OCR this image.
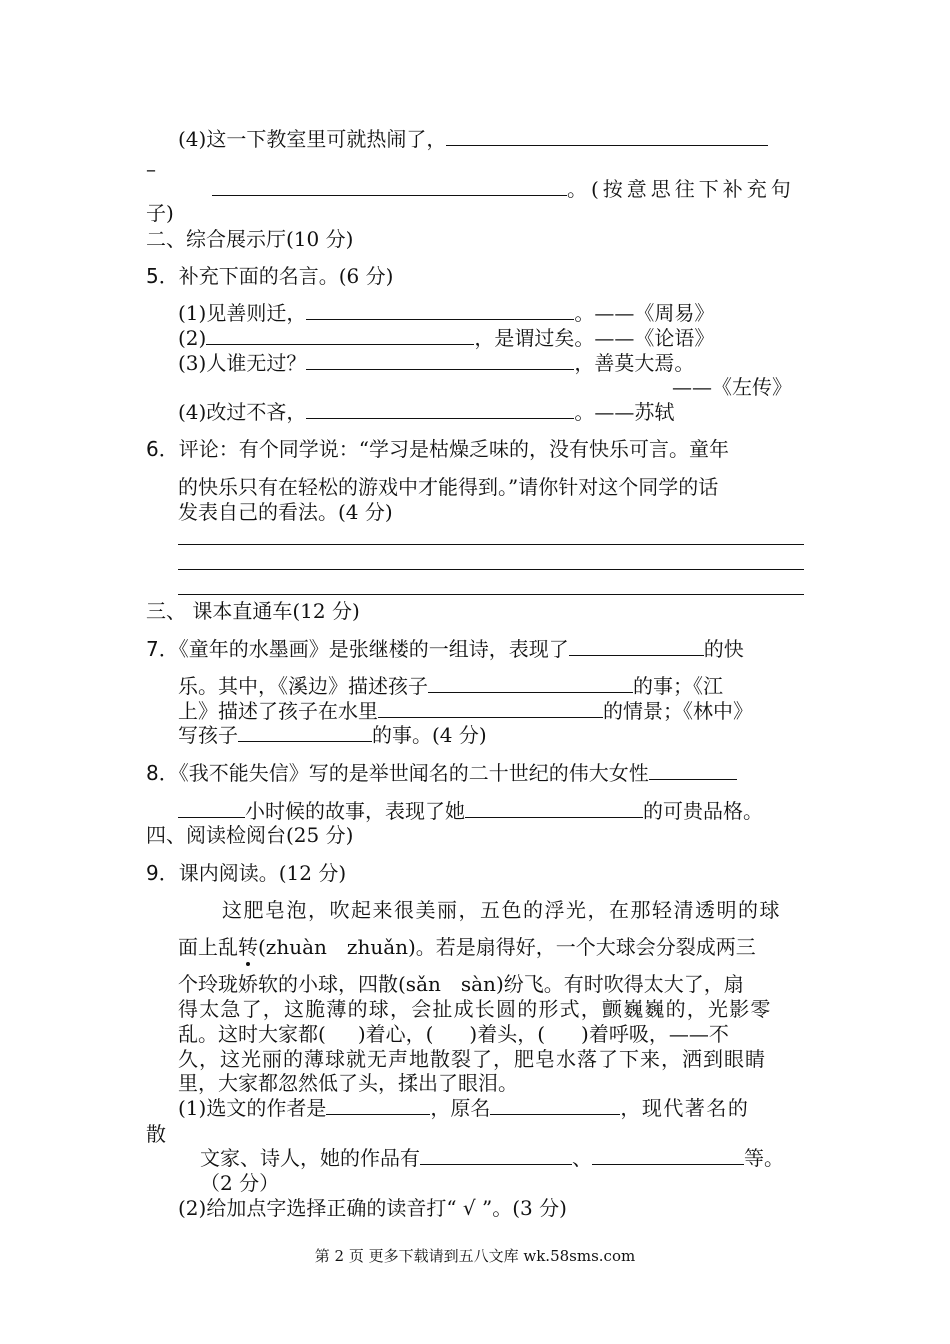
(4)这一下教室里可就热闹了，
–
。(按意思往下补充句
子)
二、综合展示厅(10 分)
5．补充下面的名言。(6 分)
(1)见善则迁，	。——《周易》
(2)	，是谓过矣。——《论语》
(3)人谁无过？	，善莫大焉。
——《左传》
(4)改过不吝，	。——苏轼
6．评论：有个同学说：“学习是枯燥乏味的，没有快乐可言。童年
的快乐只有在轻松的游戏中才能得到。”请你针对这个同学的话
发表自己的看法。(4 分)
三、 课本直通车(12 分)
7．《童年的水墨画》是张继楼的一组诗，表现了	的快
乐。其中，《溪边》描述孩子	的事；《江
上》描述了孩子在水里	的情景；《林中》
写孩子	的事。(4 分)
8．《我不能失信》写的是举世闻名的二十世纪的伟大女性
小时候的故事，表现了她	的可贵品格。
四、阅读检阅台(25 分)
9．课内阅读。(12 分)
这肥皂泡，吹起来很美丽，五色的浮光，在那轻清透明的球
面上乱转(zhuàn　zhuǎn)。若是扇得好，一个大球会分裂成两三
个玲珑娇软的小球，四散(sǎn　sàn)纷飞。有时吹得太大了，扇
得太急了，这脆薄的球，会扯成长圆的形式，颤巍巍的，光影零
乱。这时大家都( )着心，( )着头，( )着呼吸，——不
久，这光丽的薄球就无声地散裂了，肥皂水落了下来，洒到眼睛
里，大家都忽然低了头，揉出了眼泪。
(1)选文的作者是	，原名	，现代著名的
散
文家、诗人，她的作品有	、	等。
（2 分）
(2)给加点字选择正确的读音打“ √ ”。(3 分)
第 2 页 更多下载请到五八文库 wk.58sms.com
